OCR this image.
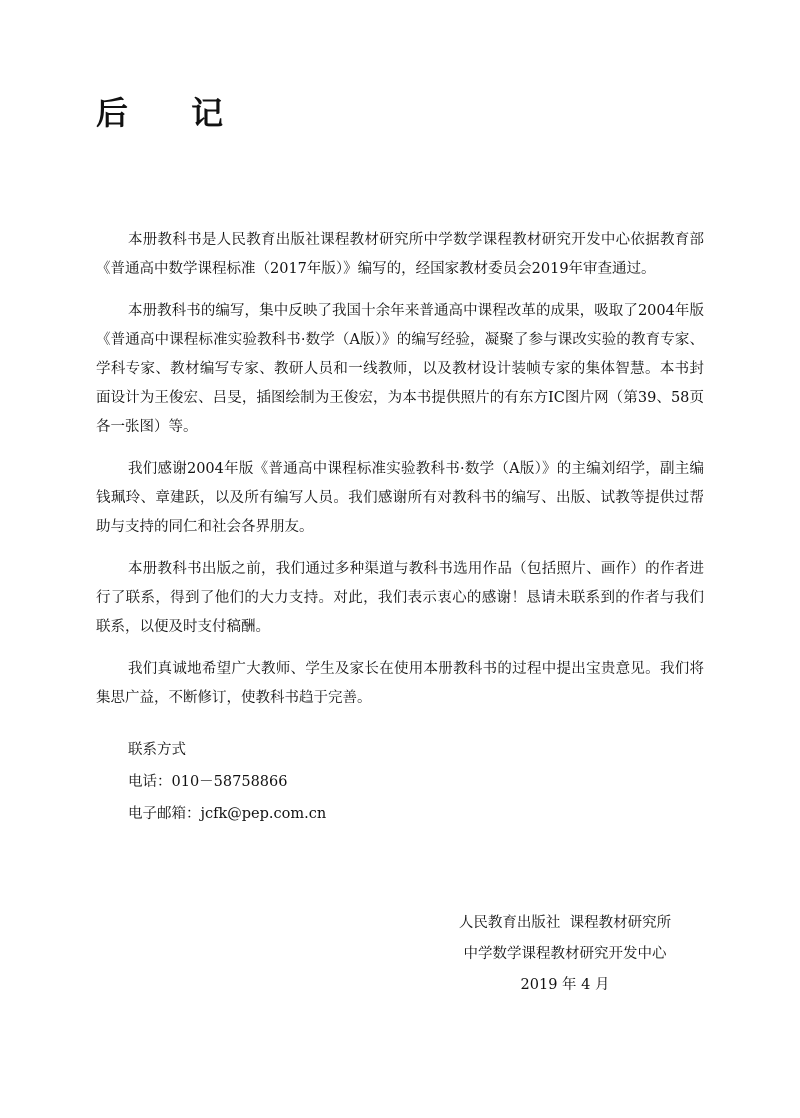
后 记

本册教科书是人民教育出版社课程教材研究所中学数学课程教材研究开发中心依据教育部《普通高中数学课程标准（2017年版）》编写的，经国家教材委员会2019年审查通过。

本册教科书的编写，集中反映了我国十余年来普通高中课程改革的成果，吸取了2004年版《普通高中课程标准实验教科书·数学（A版）》的编写经验，凝聚了参与课改实验的教育专家、学科专家、教材编写专家、教研人员和一线教师，以及教材设计装帧专家的集体智慧。本书封面设计为王俊宏、吕旻，插图绘制为王俊宏，为本书提供照片的有东方IC图片网（第39、58页各一张图）等。

我们感谢2004年版《普通高中课程标准实验教科书·数学（A版）》的主编刘绍学，副主编钱珮玲、章建跃，以及所有编写人员。我们感谢所有对教科书的编写、出版、试教等提供过帮助与支持的同仁和社会各界朋友。

本册教科书出版之前，我们通过多种渠道与教科书选用作品（包括照片、画作）的作者进行了联系，得到了他们的大力支持。对此，我们表示衷心的感谢！恳请未联系到的作者与我们联系，以便及时支付稿酬。

我们真诚地希望广大教师、学生及家长在使用本册教科书的过程中提出宝贵意见。我们将集思广益，不断修订，使教科书趋于完善。

联系方式
电话：010－58758866
电子邮箱：jcfk@pep.com.cn
人民教育出版社  课程教材研究所
中学数学课程教材研究开发中心
2019 年 4 月
